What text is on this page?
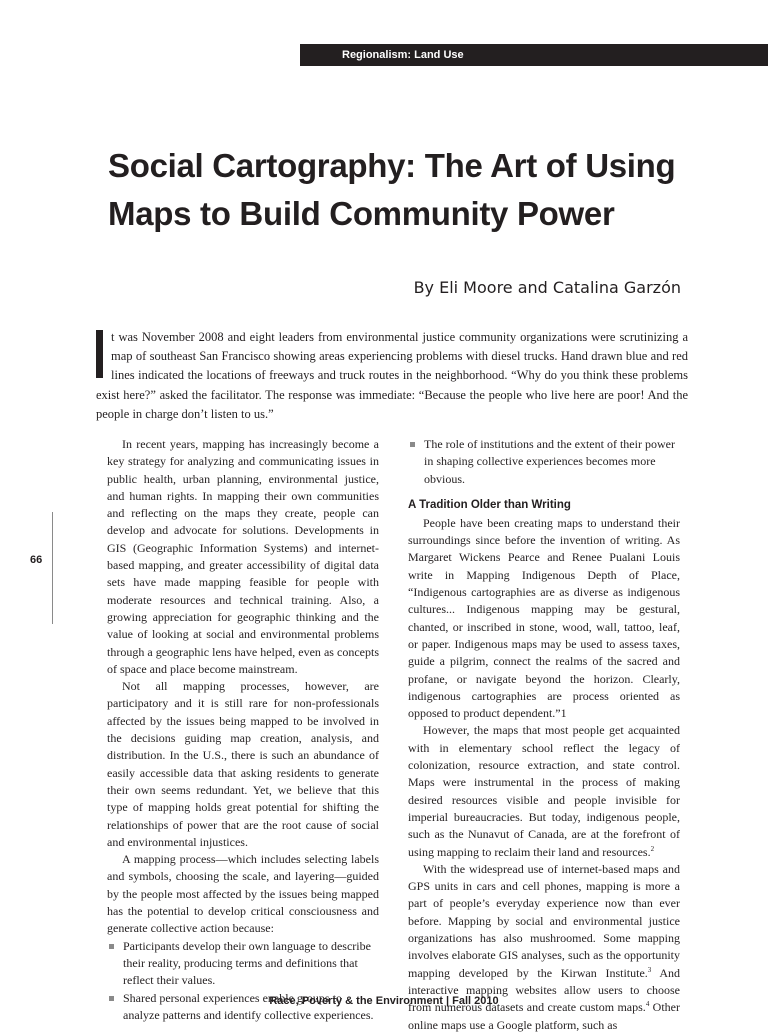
Regionalism: Land Use
Social Cartography: The Art of Using
Maps to Build Community Power
By Eli Moore and Catalina Garzón

t was November 2008 and eight leaders from environmental justice community organizations were scrutinizing a map of southeast San Francisco showing areas experiencing problems with diesel trucks. Hand drawn blue and red lines indicated the locations of freeways and truck routes in the neighborhood. “Why do you think these problems exist here?” asked the facilitator. The response was immediate: “Because the people who live here are poor! And the people in charge don’t listen to us.”

66

In recent years, mapping has increasingly become a key strategy for analyzing and communicating issues in public health, urban planning, environmental justice, and human rights. In mapping their own communities and reflecting on the maps they create, people can develop and advocate for solutions. Developments in GIS (Geographic Information Systems) and internet-based mapping, and greater accessibility of digital data sets have made mapping feasible for people with moderate resources and technical training. Also, a growing appreciation for geographic thinking and the value of looking at social and environmental problems through a geographic lens have helped, even as concepts of space and place become mainstream.

Not all mapping processes, however, are participatory and it is still rare for non-professionals affected by the issues being mapped to be involved in the decisions guiding map creation, analysis, and distribution. In the U.S., there is such an abundance of easily accessible data that asking residents to generate their own seems redundant. Yet, we believe that this type of mapping holds great potential for shifting the relationships of power that are the root cause of social and environmental injustices.

A mapping process—which includes selecting labels and symbols, choosing the scale, and layering—guided by the people most affected by the issues being mapped has the potential to develop critical consciousness and generate collective action because:

Participants develop their own language to describe their reality, producing terms and definitions that reflect their values.
Shared personal experiences enable groups to analyze patterns and identify collective experiences.
The role of institutions and the extent of their power in shaping collective experiences becomes more obvious.
A Tradition Older than Writing

People have been creating maps to understand their surroundings since before the invention of writing. As Margaret Wickens Pearce and Renee Pualani Louis write in Mapping Indigenous Depth of Place, “Indigenous cartographies are as diverse as indigenous cultures... Indigenous mapping may be gestural, chanted, or inscribed in stone, wood, wall, tattoo, leaf, or paper. Indigenous maps may be used to assess taxes, guide a pilgrim, connect the realms of the sacred and profane, or navigate beyond the horizon. Clearly, indigenous cartographies are process oriented as opposed to product dependent.”1

However, the maps that most people get acquainted with in elementary school reflect the legacy of colonization, resource extraction, and state control. Maps were instrumental in the process of making desired resources visible and people invisible for imperial bureaucracies. But today, indigenous people, such as the Nunavut of Canada, are at the forefront of using mapping to reclaim their land and resources.$^2$

With the widespread use of internet-based maps and GPS units in cars and cell phones, mapping is more a part of people’s everyday experience now than ever before. Mapping by social and environmental justice organizations has also mushroomed. Some mapping involves elaborate GIS analyses, such as the opportunity mapping developed by the Kirwan Institute.$^3$ And interactive mapping websites allow users to choose from numerous datasets and create custom maps.$^4$ Other online maps use a Google platform, such as

Race, Poverty & the Environment | Fall 2010
